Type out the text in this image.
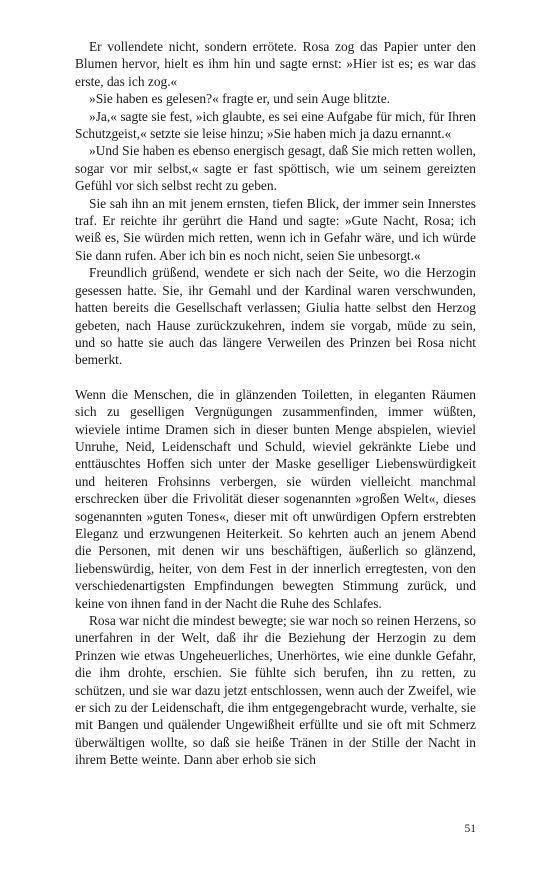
Er vollendete nicht, sondern errötete. Rosa zog das Papier unter den Blumen hervor, hielt es ihm hin und sagte ernst: »Hier ist es; es war das erste, das ich zog.«

»Sie haben es gelesen?« fragte er, und sein Auge blitzte.

»Ja,« sagte sie fest, »ich glaubte, es sei eine Aufgabe für mich, für Ihren Schutzgeist,« setzte sie leise hinzu; »Sie haben mich ja dazu ernannt.«

»Und Sie haben es ebenso energisch gesagt, daß Sie mich retten wollen, sogar vor mir selbst,« sagte er fast spöttisch, wie um seinem gereizten Gefühl vor sich selbst recht zu geben.

Sie sah ihn an mit jenem ernsten, tiefen Blick, der immer sein Innerstes traf. Er reichte ihr gerührt die Hand und sagte: »Gute Nacht, Rosa; ich weiß es, Sie würden mich retten, wenn ich in Gefahr wäre, und ich würde Sie dann rufen. Aber ich bin es noch nicht, seien Sie unbesorgt.«

Freundlich grüßend, wendete er sich nach der Seite, wo die Herzogin gesessen hatte. Sie, ihr Gemahl und der Kardinal waren verschwunden, hatten bereits die Gesellschaft verlassen; Giulia hatte selbst den Herzog gebeten, nach Hause zurückzukehren, indem sie vorgab, müde zu sein, und so hatte sie auch das längere Verweilen des Prinzen bei Rosa nicht bemerkt.

Wenn die Menschen, die in glänzenden Toiletten, in eleganten Räumen sich zu geselligen Vergnügungen zusammenfinden, immer wüßten, wieviele intime Dramen sich in dieser bunten Menge abspielen, wieviel Unruhe, Neid, Leidenschaft und Schuld, wieviel gekränkte Liebe und enttäuschtes Hoffen sich unter der Maske geselliger Liebenswürdigkeit und heiteren Frohsinns verbergen, sie würden vielleicht manchmal erschrecken über die Frivolität dieser sogenannten »großen Welt«, dieses sogenannten »guten Tones«, dieser mit oft unwürdigen Opfern erstrebten Eleganz und erzwungenen Heiterkeit. So kehrten auch an jenem Abend die Personen, mit denen wir uns beschäftigen, äußerlich so glänzend, liebenswürdig, heiter, von dem Fest in der innerlich erregtesten, von den verschiedenartigsten Empfindungen bewegten Stimmung zurück, und keine von ihnen fand in der Nacht die Ruhe des Schlafes.

Rosa war nicht die mindest bewegte; sie war noch so reinen Herzens, so unerfahren in der Welt, daß ihr die Beziehung der Herzogin zu dem Prinzen wie etwas Ungeheuerliches, Unerhörtes, wie eine dunkle Gefahr, die ihm drohte, erschien. Sie fühlte sich berufen, ihn zu retten, zu schützen, und sie war dazu jetzt entschlossen, wenn auch der Zweifel, wie er sich zu der Leidenschaft, die ihm entgegengebracht wurde, verhalte, sie mit Bangen und quälender Ungewißheit erfüllte und sie oft mit Schmerz überwältigen wollte, so daß sie heiße Tränen in der Stille der Nacht in ihrem Bette weinte. Dann aber erhob sie sich

51
